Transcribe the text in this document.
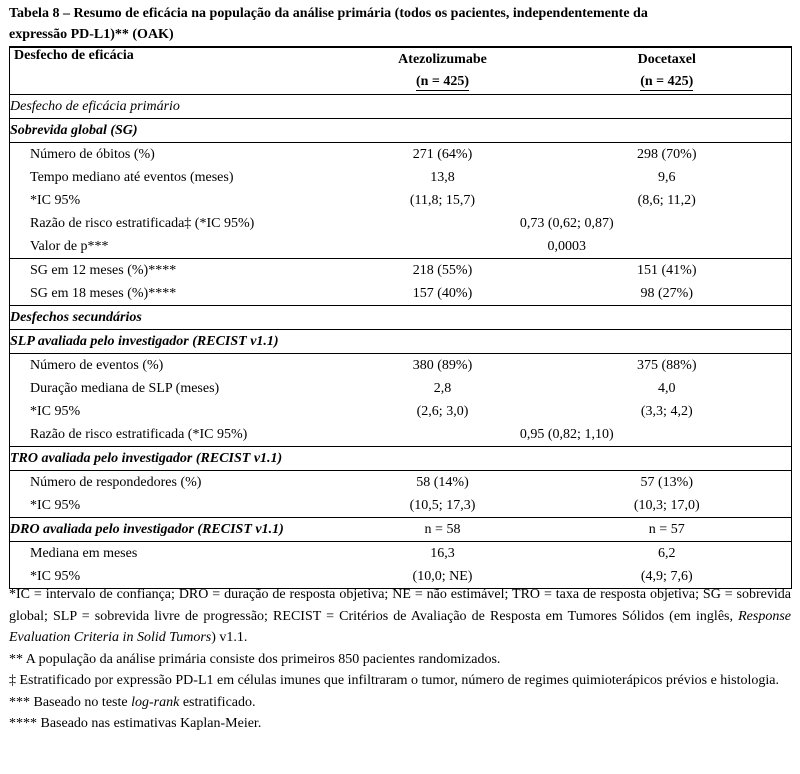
Tabela 8 – Resumo de eficácia na população da análise primária (todos os pacientes, independentemente da
expressão PD-L1)** (OAK)
Desfecho de eficácia	Atezolizumabe	Docetaxel
	(n = 425)	(n = 425)
Desfecho de eficácia primário		
Sobrevida global (SG)		
Número de óbitos (%)	271 (64%)	298 (70%)
Tempo mediano até eventos (meses)	13,8	9,6
*IC 95%	(11,8; 15,7)	(8,6; 11,2)
Razão de risco estratificada‡ (*IC 95%)	0,73 (0,62; 0,87)	
Valor de p***	0,0003	
SG em 12 meses (%)****	218 (55%)	151 (41%)
SG em 18 meses (%)****	157 (40%)	98 (27%)
Desfechos secundários		
SLP avaliada pelo investigador (RECIST v1.1)		
Número de eventos (%)	380 (89%)	375 (88%)
Duração mediana de SLP (meses)	2,8	4,0
*IC 95%	(2,6; 3,0)	(3,3; 4,2)
Razão de risco estratificada (*IC 95%)	0,95 (0,82; 1,10)	
TRO avaliada pelo investigador (RECIST v1.1)		
Número de respondedores (%)	58 (14%)	57 (13%)
*IC 95%	(10,5; 17,3)	(10,3; 17,0)
DRO avaliada pelo investigador (RECIST v1.1)	n = 58	n = 57
Mediana em meses	16,3	6,2
*IC 95%	(10,0; NE)	(4,9; 7,6)

*IC = intervalo de confiança; DRO = duração de resposta objetiva; NE = não estimável; TRO = taxa de resposta objetiva; SG = sobrevida global; SLP = sobrevida livre de progressão; RECIST = Critérios de Avaliação de Resposta em Tumores Sólidos (em inglês, Response Evaluation Criteria in Solid Tumors) v1.1.

** A população da análise primária consiste dos primeiros 850 pacientes randomizados.

‡ Estratificado por expressão PD-L1 em células imunes que infiltraram o tumor, número de regimes quimioterápicos prévios e histologia.

*** Baseado no teste log-rank estratificado.

**** Baseado nas estimativas Kaplan-Meier.
